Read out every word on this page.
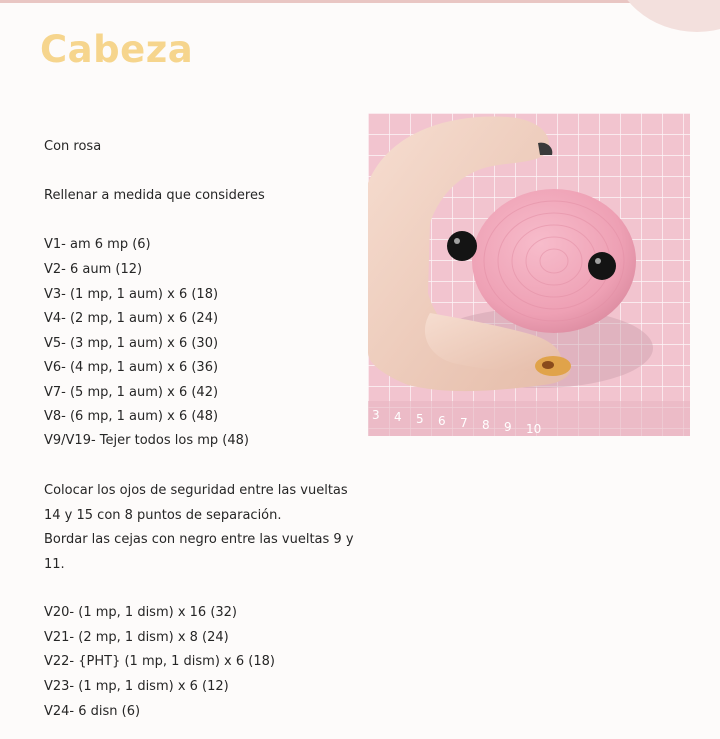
Cabeza
Con rosa
Rellenar a medida que consideres
V1- am 6 mp (6)
V2- 6 aum (12)
V3- (1 mp, 1 aum) x 6 (18)
V4- (2 mp, 1 aum) x 6 (24)
V5- (3 mp, 1 aum) x 6 (30)
V6- (4 mp, 1 aum) x 6 (36)
V7- (5 mp, 1 aum) x 6 (42)
V8- (6 mp, 1 aum) x 6 (48)
V9/V19- Tejer todos los mp (48)
Colocar los ojos de seguridad entre las vueltas
14 y 15 con 8 puntos de separación.
Bordar las cejas con negro entre las vueltas 9 y
11.
V20- (1 mp, 1 dism) x 16 (32)
V21- (2 mp, 1 dism) x 8 (24)
V22- {PHT} (1 mp, 1 dism) x 6 (18)
V23- (1 mp, 1 dism) x 6 (12)
V24- 6 disn (6)
3 4 5 6 7 8 9 10
